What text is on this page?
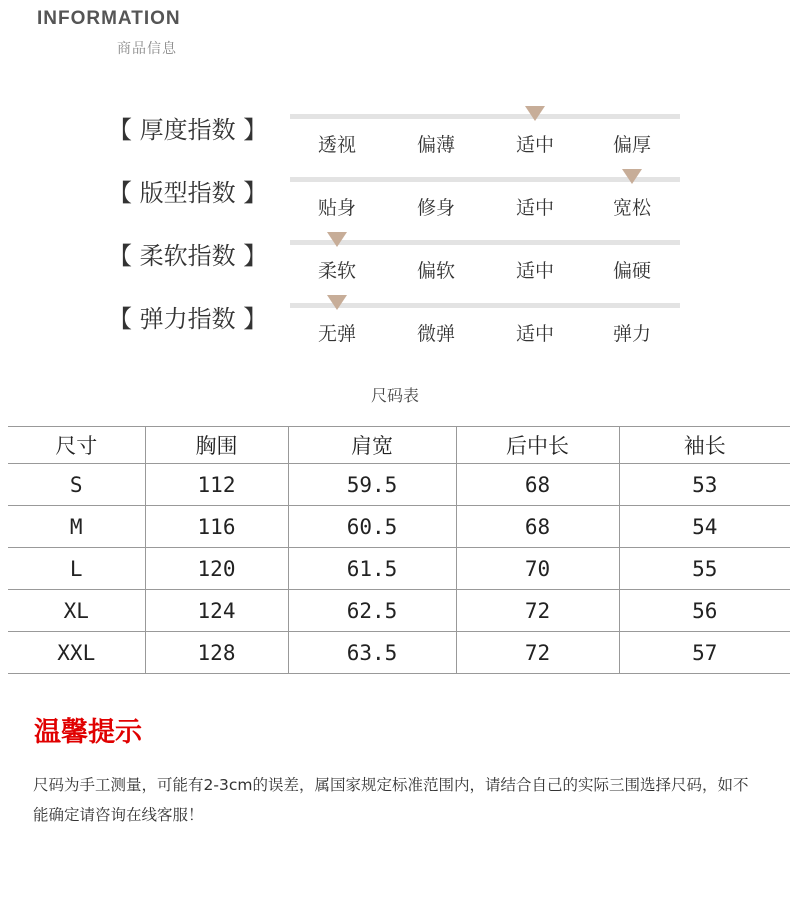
INFORMATION
商品信息
【 厚度指数 】
透视	偏薄	适中	偏厚
【 版型指数 】
贴身	修身	适中	宽松
【 柔软指数 】
柔软	偏软	适中	偏硬
【 弹力指数 】
无弹	微弹	适中	弹力
尺码表
尺寸	胸围	肩宽	后中长	袖长
S	112	59.5	68	53
M	116	60.5	68	54
L	120	61.5	70	55
XL	124	62.5	72	56
XXL	128	63.5	72	57
温馨提示
尺码为手工测量，可能有2-3cm的误差，属国家规定标准范围内，请结合自己的实际三围选择尺码，如不能确定请咨询在线客服！
